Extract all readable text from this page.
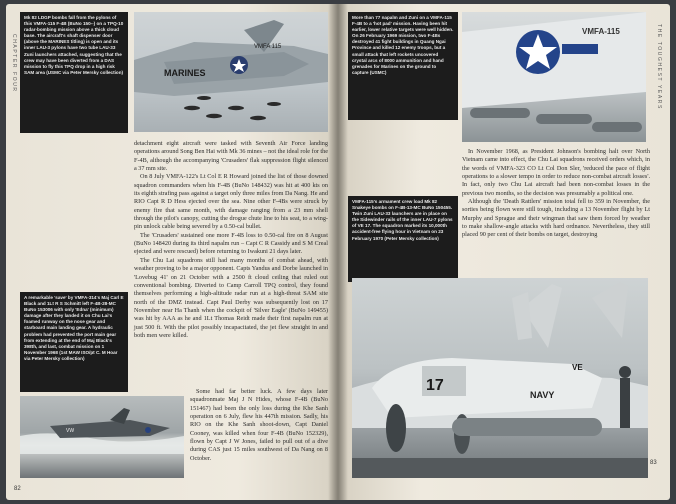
CHAPTER FOUR
Mk 82 LDGP bombs fall from the pylons of this VMFA-115 F-4B (BuNo 150--) on a TPQ-10 radar-bombing mission above a thick cloud base. The aircraft's shaft dispenser door (above the MARINES titling) is open and its inner LAU-3 pylons have two tube LAU-33 Zuni launchers attached, suggesting that the crew may have been diverted from a DAS mission to fly this TPQ drop in a high risk SAM area (USMC via Peter Mersky collection)	MARINES
VMFA 115

detachment eight aircraft were tasked with Seventh Air Force landing operations around Song Ben Hai with Mk 36 mines – not the ideal role for the F-4B, although the accompanying 'Crusaders' flak suppression flight silenced a 37 mm site.

On 8 July VMFA-122's Lt Col E R Howard joined the list of those downed squadron commanders when his F-4B (BuNo 148432) was hit at 400 kts on its eighth strafing pass against a target only three miles from Da Nang. He and RIO Capt R D Hess ejected over the sea. Nine other F-4Bs were struck by enemy fire that same month, with damage ranging from a 23 mm shell through the pilot's canopy, cutting the drogue chute line to his seat, to a wing-pin unlock cable being severed by a 0.50-cal bullet.

The 'Crusaders' sustained one more F-4B loss to 0.50-cal fire on 8 August (BuNo 148420 during its third napalm run – Capt C R Cassidy and S M Creal ejected and were rescued) before returning to Iwakuni 21 days later.

The Chu Lai squadrons still had many months of combat ahead, with weather proving to be a major opponent. Capts Yandus and Dorbe launched in 'Lovebug 41' on 21 October with a 2500 ft cloud ceiling that ruled out conventional bombing. Diverted to Camp Carroll TPQ control, they found themselves performing a high-altitude radar run at a high-threat SAM site north of the DMZ instead. Capt Paul Derby was subsequently lost on 17 November near Ha Thanh when the cockpit of 'Silver Eagle' (BuNo 149455) was hit by AAA as he and 1Lt Thomas Reidt made their first napalm run at just 500 ft. With the pilot possibly incapacitated, the jet flew straight in and both men were killed.

A remarkable 'save' by VMFA-314's Maj Carl E Black and 1Lt R S Schmitt left F-4B-28-MC BuNo 153006 with only 'Edna' (minimum) damage after they landed it on Chu Lai's foamed runway on the nose gear and starboard main landing gear. A hydraulic problem had prevented the port main gear from extending at the end of Maj Black's 398th, and last, combat mission on 1 November 1968 (1st MAW ISO/pt C. M Hoar via Peter Mersky collection)
VW

Some had far better luck. A few days later squadronmate Maj J N Hides, whose F-4B (BuNo 151467) had been the only loss during the Khe Sanh operation on 6 July, flew his 447th mission. Sadly, his RIO on the Khe Sanh shoot-down, Capt Daniel Cooney, was killed when four F-4B (BuNo 152329), flown by Capt J W Jones, failed to pull out of a dive during CAS just 15 miles southwest of Da Nang on 8 October.

82
More than 77 napalm and Zuni on a VMFA-115 F-4B to a 'hot pad' mission. Having been hit earlier, lower relative targets were well hidden. On 26 February 1969 mission, two F-4Bs destroyed 41 fight buildings in Quang Ngai Province and killed 12 enemy troops, but a small attack that left rockets uncovered crystal arcs of 8000 ammunition and hand grenades for Marines on the ground to capture (USMC)
VMFA-115	THE TOUGHEST YEARS
VMFA-115's armament crew load Mk 82 Snakeye bombs on F-4B-13-MC BuNo 150455. Twin Zuni LAU-33 launchers are in place on the Sidewinder rails of the inner LAU-7 pylons of VE 17. The squadron marked its 10,000th accident-free flying hour in Vietnam on 23 February 1970 (Peter Mersky collection)

In November 1968, as President Johnson's bombing halt over North Vietnam came into effect, the Chu Lai squadrons received orders which, in the words of VMFA-323 CO Lt Col Don Sler, 'reduced the pace of flight operations to a slower tempo in order to reduce non-combat aircraft losses'. In fact, only two Chu Lai aircraft had been non-combat losses in the previous two months, so the decision was presumably a political one.

Although the 'Death Rattlers' mission total fell to 359 in November, the sorties being flown were still tough, including a 13 November flight by Lt Murphy and Sprague and their wingman that saw them forced by weather to make shallow-angle attacks with hard ordnance. Nevertheless, they still placed 90 per cent of their bombs on target, destroying

17
VE
NAVY
83
